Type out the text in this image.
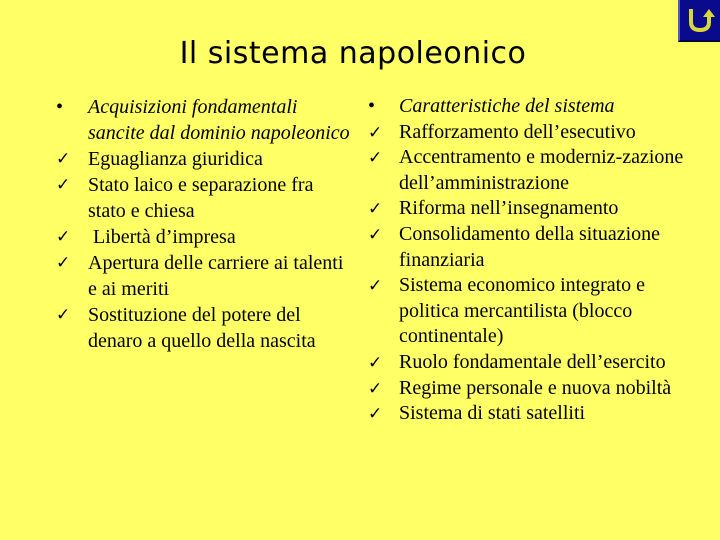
Il sistema napoleonico
•	Acquisizioni fondamentali sancite dal dominio napoleonico
✓ Eguaglianza giuridica
✓ Stato laico e separazione fra stato e chiesa
✓ Libertà d’impresa
✓ Apertura delle carriere ai talenti e ai meriti
✓ Sostituzione del potere del denaro a quello della nascita
•	Caratteristiche del sistema
✓ Rafforzamento dell’esecutivo
✓ Accentramento e moderniz-zazione dell’amministrazione
✓ Riforma nell’insegnamento
✓ Consolidamento della situazione finanziaria
✓ Sistema economico integrato e politica mercantilista (blocco continentale)
✓ Ruolo fondamentale dell’esercito
✓ Regime personale e nuova nobiltà
✓ Sistema di stati satelliti
